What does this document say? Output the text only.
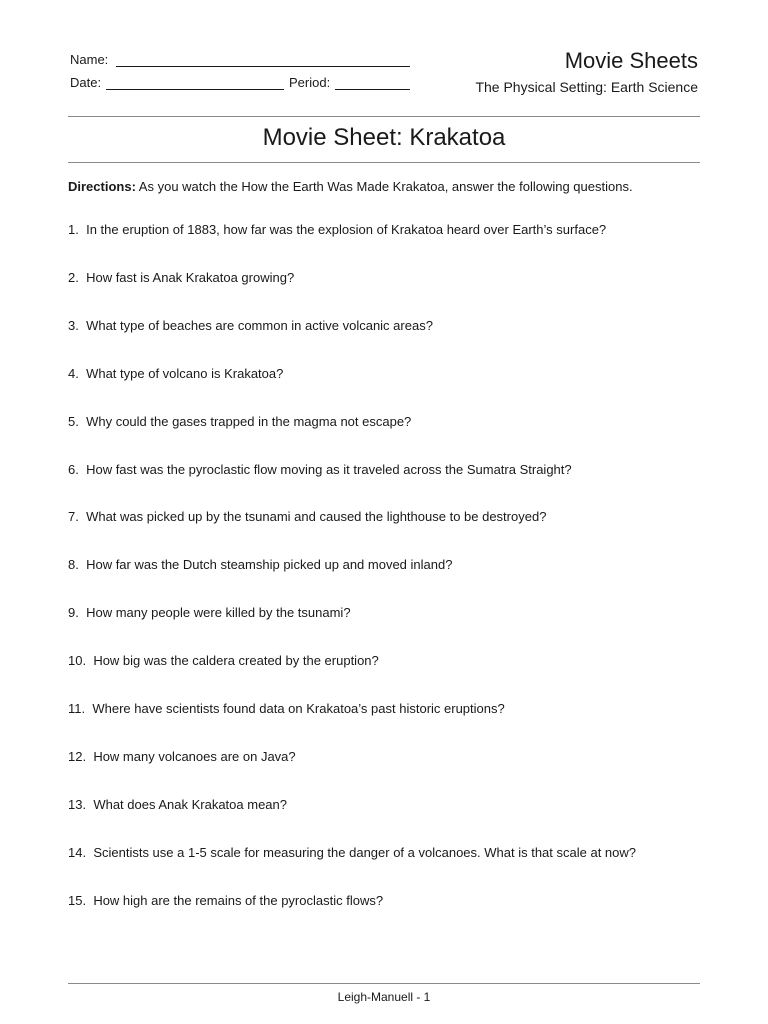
Name:
Date:	Period:
Movie Sheets
The Physical Setting: Earth Science
Movie Sheet: Krakatoa
Directions: As you watch the How the Earth Was Made Krakatoa, answer the following questions.
1. In the eruption of 1883, how far was the explosion of Krakatoa heard over Earth’s surface?
2. How fast is Anak Krakatoa growing?
3. What type of beaches are common in active volcanic areas?
4. What type of volcano is Krakatoa?
5. Why could the gases trapped in the magma not escape?
6. How fast was the pyroclastic flow moving as it traveled across the Sumatra Straight?
7. What was picked up by the tsunami and caused the lighthouse to be destroyed?
8. How far was the Dutch steamship picked up and moved inland?
9. How many people were killed by the tsunami?
10. How big was the caldera created by the eruption?
11. Where have scientists found data on Krakatoa’s past historic eruptions?
12. How many volcanoes are on Java?
13. What does Anak Krakatoa mean?
14. Scientists use a 1-5 scale for measuring the danger of a volcanoes. What is that scale at now?
15. How high are the remains of the pyroclastic flows?
Leigh-Manuell - 1
